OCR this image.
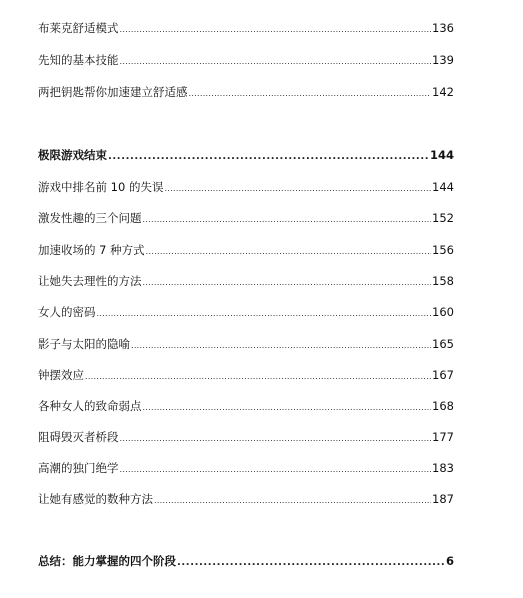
布莱克舒适模式 .....	136
先知的基本技能 .....	139
两把钥匙帮你加速建立舒适感 .....	142
极限游戏结束 .....	144
游戏中排名前 10 的失误 .....	144
激发性趣的三个问题 .....	152
加速收场的 7 种方式 .....	156
让她失去理性的方法 .....	158
女人的密码 .....	160
影子与太阳的隐喻 .....	165
钟摆效应 .....	167
各种女人的致命弱点 .....	168
阻碍毁灭者桥段 .....	177
高潮的独门绝学 .....	183
让她有感觉的数种方法 .....	187
总结：能力掌握的四个阶段 .....	6
